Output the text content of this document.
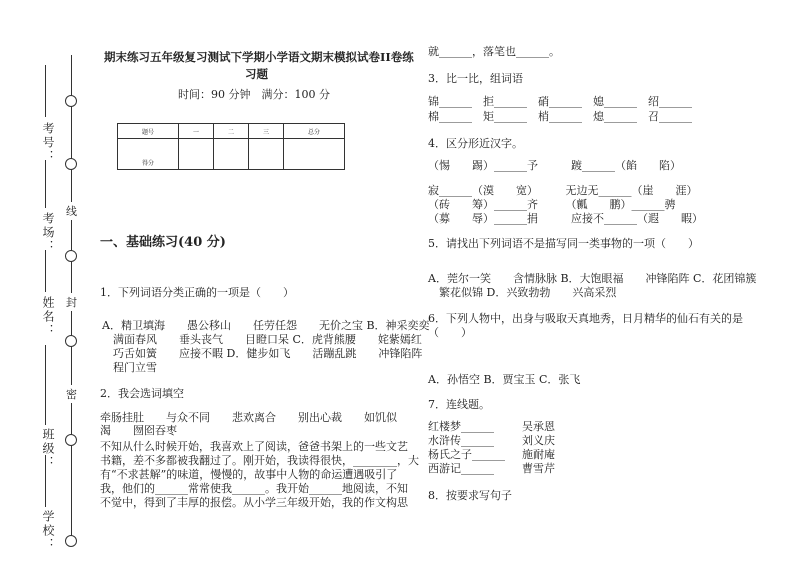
线
封
密
考号：
考场：
姓名：
班级：
学校：
期末练习五年级复习测试下学期小学语文期末模拟试卷II卷练
习题
时间：90 分钟　满分：100 分
题号	一	二	三	总分
得分				
一、基础练习(40 分)
1．下列词语分类正确的一项是（　　）
A．精卫填海　　愚公移山　　任劳任怨　　无价之宝 B．神采奕奕
　满面春风　　垂头丧气　　目瞪口呆 C．虎背熊腰　　姹紫嫣红
　巧舌如簧　　应接不暇 D．健步如飞　　活蹦乱跳　　冲锋陷阵
　程门立雪
2．我会选词填空
牵肠挂肚　　与众不同　　悲欢离合　　别出心裁　　如饥似
渴　　囫囵吞枣
不知从什么时候开始，我喜欢上了阅读，爸爸书架上的一些文艺
书籍，差不多都被我翻过了。刚开始，我读得很快，________，大
有“不求甚解”的味道，慢慢的，故事中人物的命运遭遇吸引了
我，他们的______常常使我______。我开始______地阅读，不知
不觉中，得到了丰厚的报偿。从小学三年级开始，我的作文构思
就______，落笔也______。
3．比一比，组词语
锦______　拒______　硝______　媳______　绍______
棉______　矩______　梢______　熄______　召______
4．区分形近汉字。
（惕　　踢）______予　　　踱______（餡　　陷）
寂______（漠　　宽）　　　无边无______（崖　　涯）
（砖　　筹）______齐　　　（瓤　　鹏）______骋
（募　　辱）______捐　　　应接不______（遐　　暇）
5．请找出下列词语不是描写同一类事物的一项（　　）
A．莞尔一笑　　含情脉脉 B．大饱眼福　　冲锋陷阵 C．花团锦簇
　繁花似锦 D．兴致勃勃　　兴高采烈
6．下列人物中，出身与吸取天真地秀，日月精华的仙石有关的是
（　　）
A．孙悟空 B．贾宝玉 C．张飞
7．连线题。
红楼梦______	吴承恩
水浒传______	刘义庆
杨氏之子______ 施耐庵
西游记______	曹雪芹
8．按要求写句子
